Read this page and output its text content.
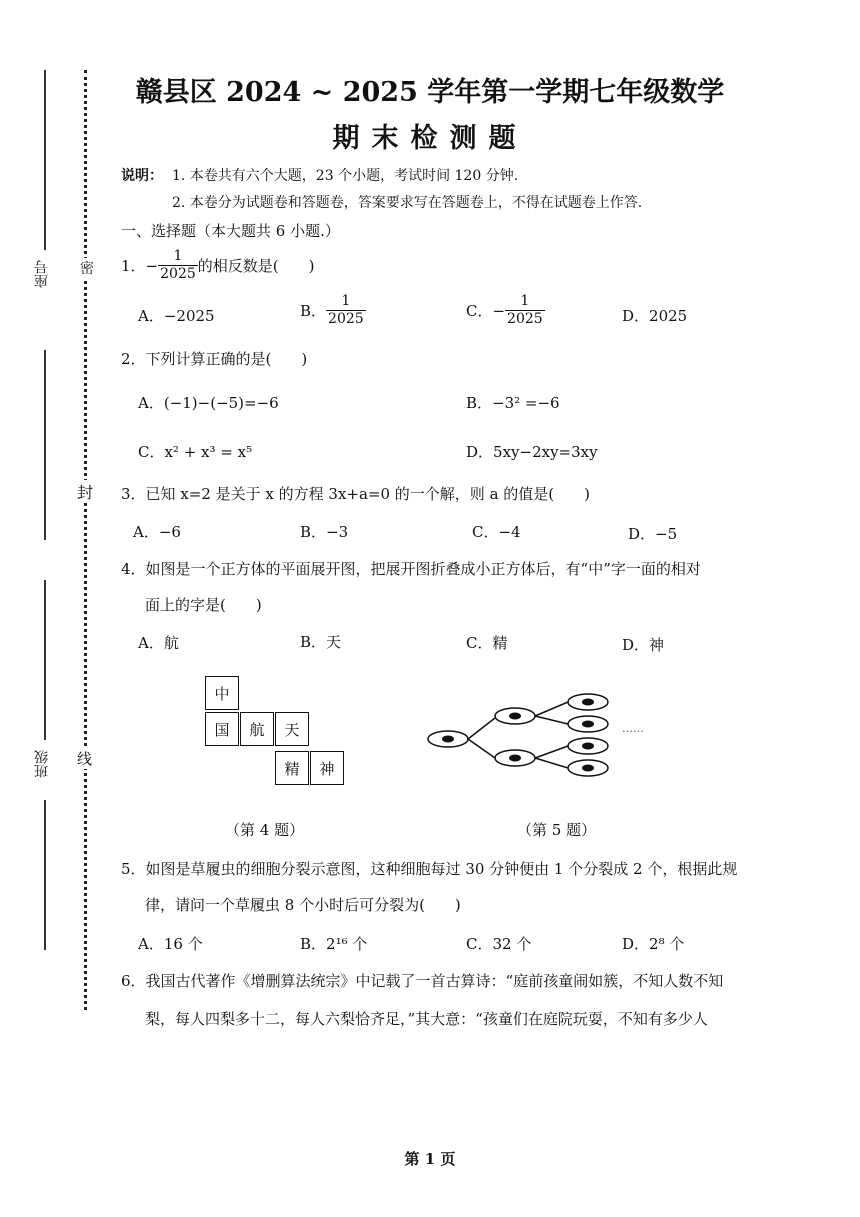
座号
班级
密
封
线
赣县区 2024 ~ 2025 学年第一学期七年级数学
期末检测题
说明： 1. 本卷共有六个大题，23 个小题，考试时间 120 分钟.
2. 本卷分为试题卷和答题卷，答案要求写在答题卷上，不得在试题卷上作答.
一、选择题（本大题共 6 小题.）
1． − $\frac{1}{2025}$ 的相反数是(　　)
A．−2025	B． $\frac{1}{2025}$	C．− $\frac{1}{2025}$	D．2025
2．下列计算正确的是(　　)
A．(−1)−(−5)=−6	B．−3² =−6
C．x² + x³ = x⁵	D．5xy−2xy=3xy
3．已知 x=2 是关于 x 的方程 3x+a=0 的一个解，则 a 的值是(　　)
A．−6	B．−3	C．−4	D．−5
4．如图是一个正方体的平面展开图，把展开图折叠成小正方体后，有“中”字一面的相对
面上的字是(　　)
A．航	B．天	C．精	D．神
中
国	航	天
精	神
（第 4 题）
……
（第 5 题）
5．如图是草履虫的细胞分裂示意图，这种细胞每过 30 分钟便由 1 个分裂成 2 个，根据此规
律，请问一个草履虫 8 个小时后可分裂为(　　)
A．16 个	B．2¹⁶ 个	C．32 个	D．2⁸ 个
6．我国古代著作《增删算法统宗》中记载了一首古算诗：“庭前孩童闹如簇，不知人数不知
梨，每人四梨多十二，每人六梨恰齐足，”其大意：“孩童们在庭院玩耍，不知有多少人
第 1 页
